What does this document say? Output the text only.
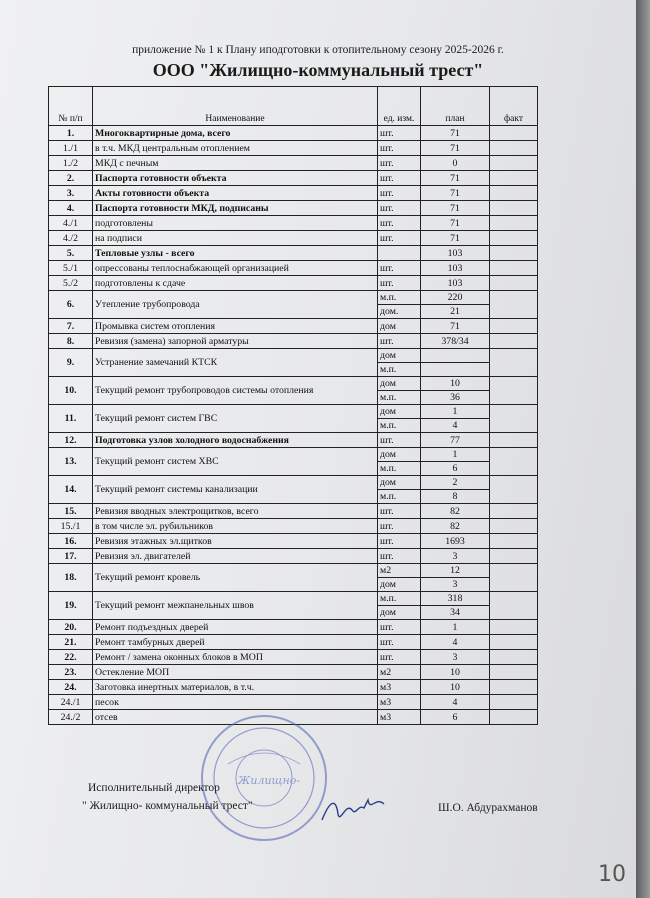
приложение № 1 к Плану иподготовки к отопительному сезону 2025-2026 г.
ООО "Жилищно-коммунальный трест"
№ п/п	Наименование	ед. изм.	план	факт
1.	Многоквартирные дома, всего	шт.	71	
1./1	в т.ч. МКД центральным отоплением	шт.	71	
1./2	МКД с печным	шт.	0	
2.	Паспорта готовности объекта	шт.	71	
3.	Акты готовности объекта	шт.	71	
4.	Паспорта готовности МКД, подписаны	шт.	71	
4./1	подготовлены	шт.	71	
4./2	на подписи	шт.	71	
5.	Тепловые узлы - всего		103	
5./1	опрессованы теплоснабжающей организацией	шт.	103	
5./2	подготовлены к сдаче	шт.	103	
6.	Утепление трубопровода	м.п.	220	
		дом.	21	
7.	Промывка систем отопления	дом	71	
8.	Ревизия (замена) запорной арматуры	шт.	378/34	
9.	Устранение замечаний КТСК	дом		
		м.п.		
10.	Текущий ремонт трубопроводов системы отопления	дом	10	
		м.п.	36	
11.	Текущий ремонт систем ГВС	дом	1	
		м.п.	4	
12.	Подготовка узлов холодного водоснабжения	шт.	77	
13.	Текущий ремонт систем ХВС	дом	1	
		м.п.	6	
14.	Текущий ремонт системы канализации	дом	2	
		м.п.	8	
15.	Ревизия вводных электрощитков, всего	шт.	82	
15./1	в том числе эл. рубильников	шт.	82	
16.	Ревизия этажных эл.щитков	шт.	1693	
17.	Ревизия эл. двигателей	шт.	3	
18.	Текущий ремонт кровель	м2	12	
		дом	3	
19.	Текущий ремонт межпанельных швов	м.п.	318	
		дом	34	
20.	Ремонт подъездных дверей	шт.	1	
21.	Ремонт тамбурных дверей	шт.	4	
22.	Ремонт / замена оконных блоков в МОП	шт.	3	
23.	Остекление МОП	м2	10	
24.	Заготовка инертных материалов, в т.ч.	м3	10	
24./1	песок	м3	4	
24./2	отсев	м3	6	
Жилищно-
Исполнительный директор
" Жилищно- коммунальный трест"	Ш.О. Абдурахманов
10
